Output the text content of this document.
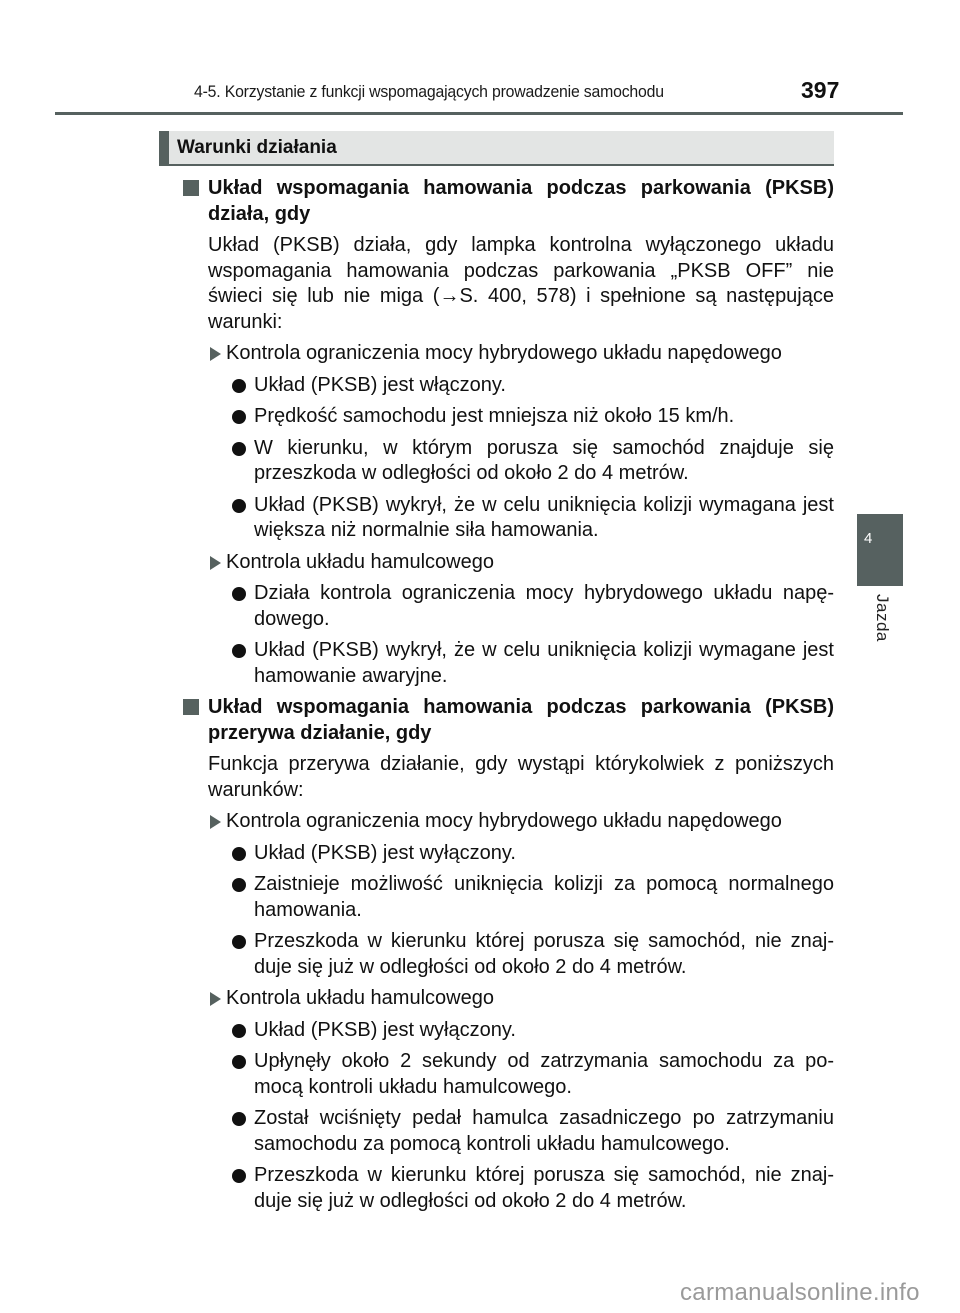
4-5. Korzystanie z funkcji wspomagających prowadzenie samochodu	397
4
Jazda
Warunki działania
Układ wspomagania hamowania podczas parkowania (PKSB) działa, gdy
Układ (PKSB) działa, gdy lampka kontrolna wyłączonego układu wspomagania hamowania podczas parkowania „PKSB OFF” nie świeci się lub nie miga (→S. 400, 578) i spełnione są następujące warunki:
Kontrola ograniczenia mocy hybrydowego układu napędowego
Układ (PKSB) jest włączony.
Prędkość samochodu jest mniejsza niż około 15 km/h.
W kierunku, w którym porusza się samochód znajduje się przeszkoda w odległości od około 2 do 4 metrów.
Układ (PKSB) wykrył, że w celu uniknięcia kolizji wymagana jest większa niż normalnie siła hamowania.
Kontrola układu hamulcowego
Działa kontrola ograniczenia mocy hybrydowego układu napę-dowego.
Układ (PKSB) wykrył, że w celu uniknięcia kolizji wymagane jest hamowanie awaryjne.
Układ wspomagania hamowania podczas parkowania (PKSB) przerywa działanie, gdy
Funkcja przerywa działanie, gdy wystąpi którykolwiek z poniższych warunków:
Kontrola ograniczenia mocy hybrydowego układu napędowego
Układ (PKSB) jest wyłączony.
Zaistnieje możliwość uniknięcia kolizji za pomocą normalnego hamowania.
Przeszkoda w kierunku której porusza się samochód, nie znaj-duje się już w odległości od około 2 do 4 metrów.
Kontrola układu hamulcowego
Układ (PKSB) jest wyłączony.
Upłynęły około 2 sekundy od zatrzymania samochodu za po-mocą kontroli układu hamulcowego.
Został wciśnięty pedał hamulca zasadniczego po zatrzymaniu samochodu za pomocą kontroli układu hamulcowego.
Przeszkoda w kierunku której porusza się samochód, nie znaj-duje się już w odległości od około 2 do 4 metrów.
carmanualsonline.info
